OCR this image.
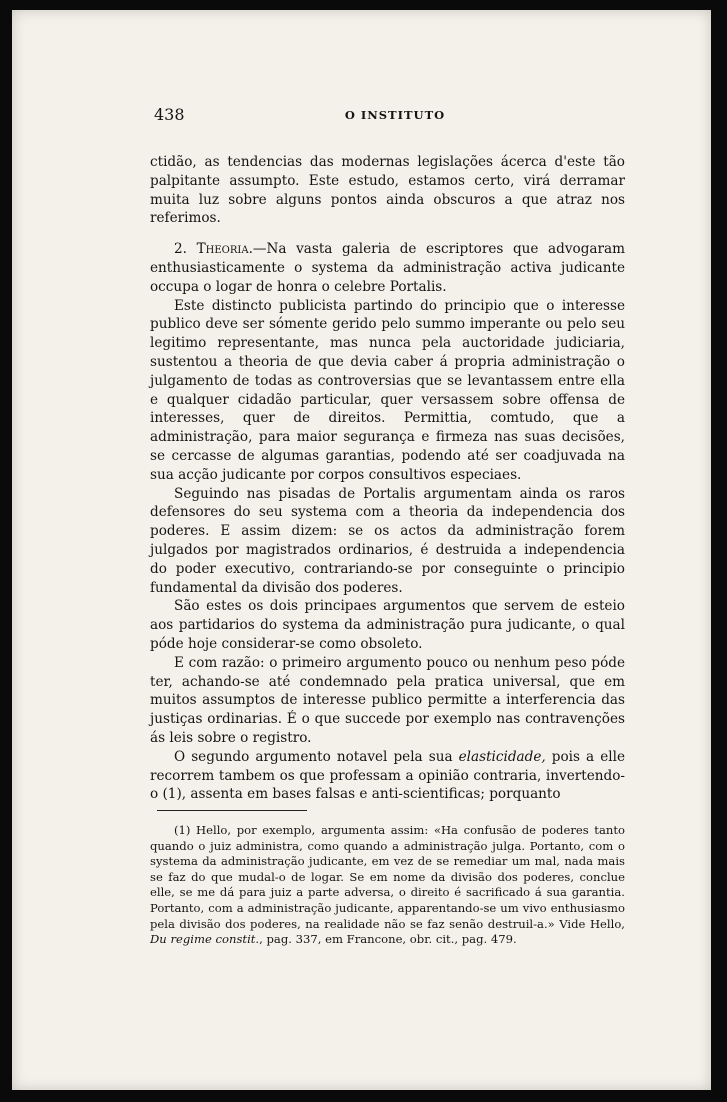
438	O INSTITUTO

ctidão, as tendencias das modernas legislações ácerca d'este tão palpitante assumpto. Este estudo, estamos certo, virá derramar muita luz sobre alguns pontos ainda obscuros a que atraz nos referimos.

2. Theoria.—Na vasta galeria de escriptores que advogaram enthusiasticamente o systema da administração activa judicante occupa o logar de honra o celebre Portalis.

Este distincto publicista partindo do principio que o interesse publico deve ser sómente gerido pelo summo imperante ou pelo seu legitimo representante, mas nunca pela auctoridade judiciaria, sustentou a theoria de que devia caber á propria administração o julgamento de todas as controversias que se levantassem entre ella e qualquer cidadão particular, quer versassem sobre offensa de interesses, quer de direitos. Permittia, comtudo, que a administração, para maior segurança e firmeza nas suas decisões, se cercasse de algumas garantias, podendo até ser coadjuvada na sua acção judicante por corpos consultivos especiaes.

Seguindo nas pisadas de Portalis argumentam ainda os raros defensores do seu systema com a theoria da independencia dos poderes. E assim dizem: se os actos da administração forem julgados por magistrados ordinarios, é destruida a independencia do poder executivo, contrariando-se por conseguinte o principio fundamental da divisão dos poderes.

São estes os dois principaes argumentos que servem de esteio aos partidarios do systema da administração pura judicante, o qual póde hoje considerar-se como obsoleto.

E com razão: o primeiro argumento pouco ou nenhum peso póde ter, achando-se até condemnado pela pratica universal, que em muitos assumptos de interesse publico permitte a interferencia das justiças ordinarias. É o que succede por exemplo nas contravenções ás leis sobre o registro.

O segundo argumento notavel pela sua elasticidade, pois a elle recorrem tambem os que professam a opinião contraria, invertendo-o (1), assenta em bases falsas e anti-scientificas; porquanto

(1) Hello, por exemplo, argumenta assim: «Ha confusão de poderes tanto quando o juiz administra, como quando a administração julga. Portanto, com o systema da administração judicante, em vez de se remediar um mal, nada mais se faz do que mudal-o de logar. Se em nome da divisão dos poderes, conclue elle, se me dá para juiz a parte adversa, o direito é sacrificado á sua garantia. Portanto, com a administração judicante, apparentando-se um vivo enthusiasmo pela divisão dos poderes, na realidade não se faz senão destruil-a.» Vide Hello, Du regime constit., pag. 337, em Francone, obr. cit., pag. 479.
